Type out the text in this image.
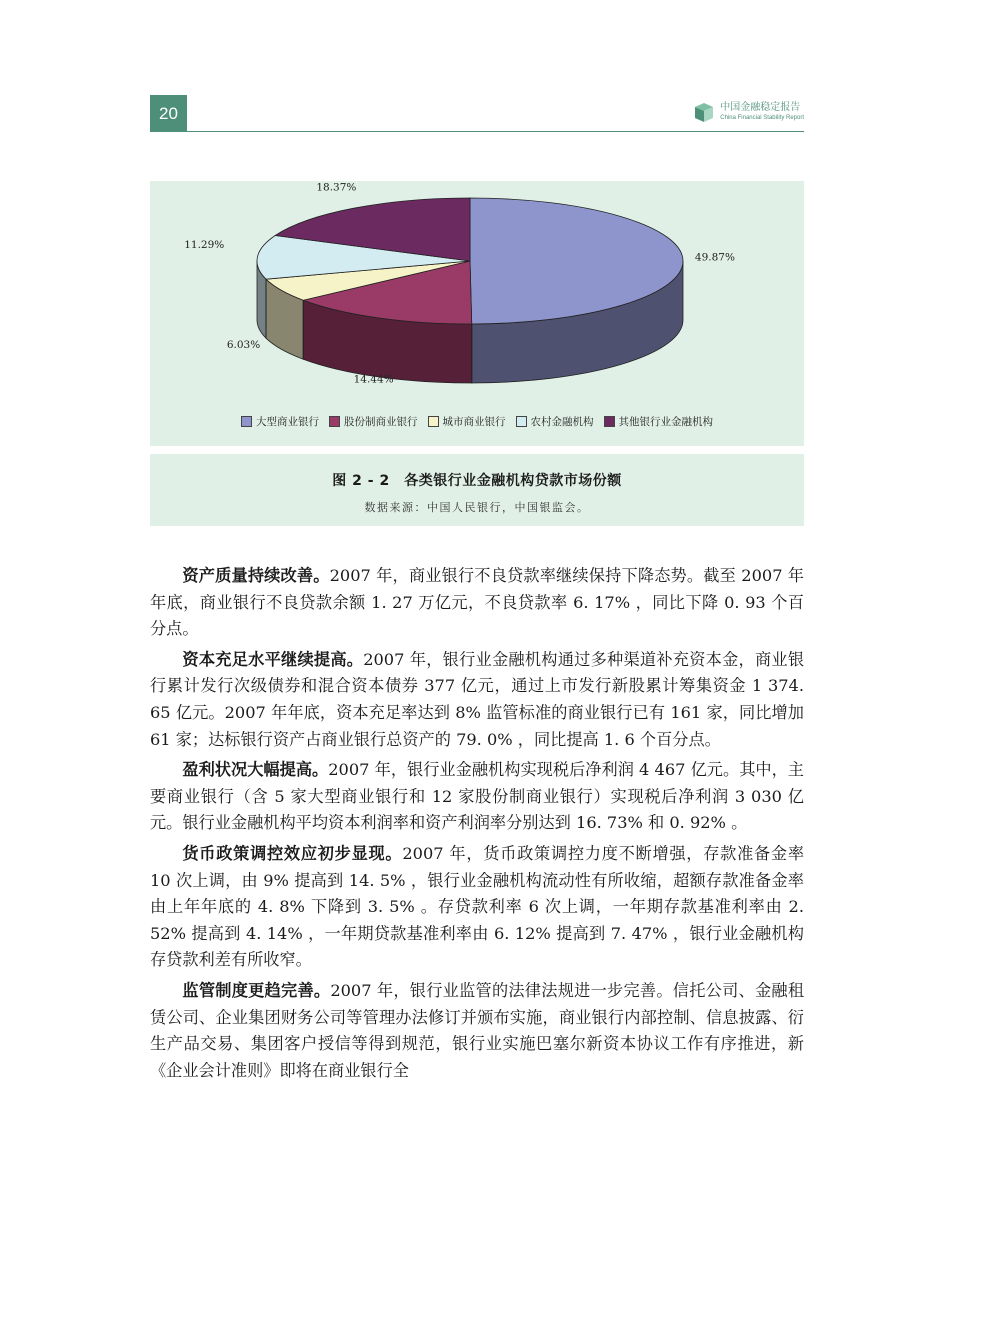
20	中国金融稳定报告
China Financial Stability Report
49.87%
14.44%
6.03%
11.29%
18.37%
大型商业银行 股份制商业银行 城市商业银行 农村金融机构 其他银行业金融机构
图 2 - 2　各类银行业金融机构贷款市场份额
数据来源：中国人民银行，中国银监会。

资产质量持续改善。2007 年，商业银行不良贷款率继续保持下降态势。截至 2007 年年底，商业银行不良贷款余额 1. 27 万亿元，不良贷款率 6. 17% ，同比下降 0. 93 个百分点。

资本充足水平继续提高。2007 年，银行业金融机构通过多种渠道补充资本金，商业银行累计发行次级债券和混合资本债券 377 亿元，通过上市发行新股累计筹集资金 1 374. 65 亿元。2007 年年底，资本充足率达到 8% 监管标准的商业银行已有 161 家，同比增加 61 家；达标银行资产占商业银行总资产的 79. 0% ，同比提高 1. 6 个百分点。

盈利状况大幅提高。2007 年，银行业金融机构实现税后净利润 4 467 亿元。其中，主要商业银行（含 5 家大型商业银行和 12 家股份制商业银行）实现税后净利润 3 030 亿元。银行业金融机构平均资本利润率和资产利润率分别达到 16. 73% 和 0. 92% 。

货币政策调控效应初步显现。2007 年，货币政策调控力度不断增强，存款准备金率 10 次上调，由 9% 提高到 14. 5% ，银行业金融机构流动性有所收缩，超额存款准备金率由上年年底的 4. 8% 下降到 3. 5% 。存贷款利率 6 次上调，一年期存款基准利率由 2. 52% 提高到 4. 14% ，一年期贷款基准利率由 6. 12% 提高到 7. 47% ，银行业金融机构存贷款利差有所收窄。

监管制度更趋完善。2007 年，银行业监管的法律法规进一步完善。信托公司、金融租赁公司、企业集团财务公司等管理办法修订并颁布实施，商业银行内部控制、信息披露、衍生产品交易、集团客户授信等得到规范，银行业实施巴塞尔新资本协议工作有序推进，新《企业会计准则》即将在商业银行全
